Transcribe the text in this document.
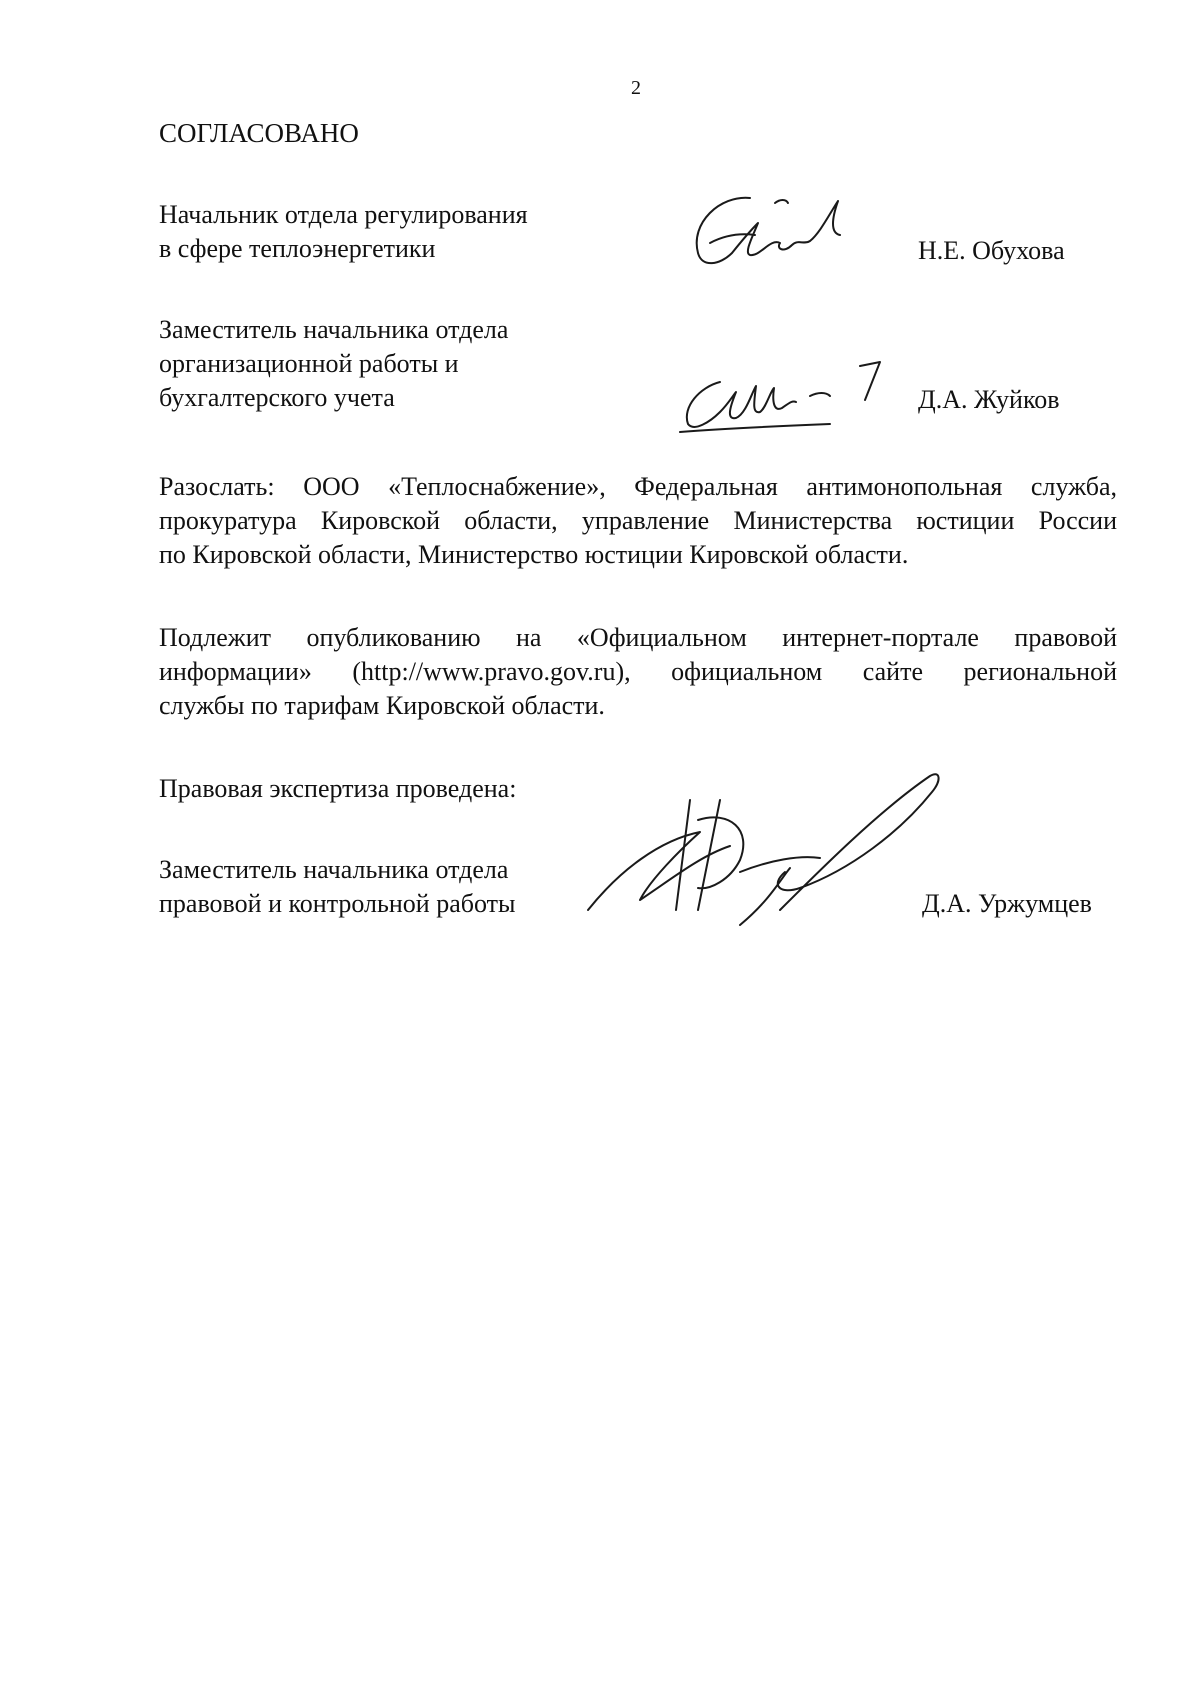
2
СОГЛАСОВАНО
Начальник отдела регулирования
в сфере теплоэнергетики	Н.Е. Обухова
Заместитель начальника отдела
организационной работы и
бухгалтерского учета	Д.А. Жуйков
Разослать: ООО «Теплоснабжение», Федеральная антимонопольная служба,
прокуратура Кировской области, управление Министерства юстиции России
по Кировской области, Министерство юстиции Кировской области.
Подлежит опубликованию на «Официальном интернет-портале правовой
информации» (http://www.pravo.gov.ru), официальном сайте региональной
службы по тарифам Кировской области.
Правовая экспертиза проведена:
Заместитель начальника отдела
правовой и контрольной работы	Д.А. Уржумцев
